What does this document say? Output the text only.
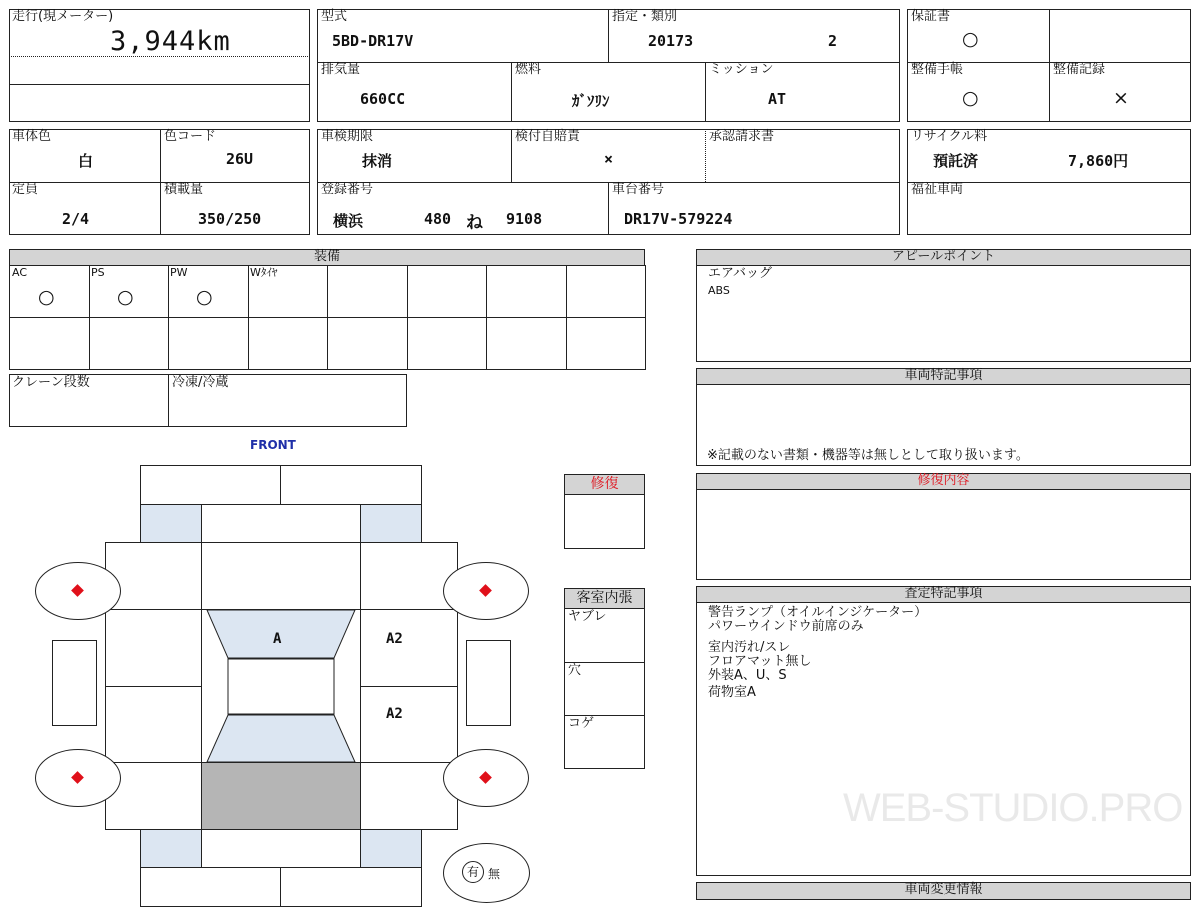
走行(現メーター)
3,944km
型式
5BD-DR17V
指定・類別
20173	2
排気量
660CC
燃料
ｶﾞｿﾘﾝ
ミッション
AT
保証書
○
整備手帳
○
整備記録
×
車体色
白
色コード
26U
定員
2/4
積載量
350/250
車検期限
抹消
検付自賠責
×
承認請求書
登録番号
横浜	480 ね 9108
車台番号
DR17V-579224
リサイクル料
預託済	7,860円
福祉車両
装備
AC
○
PS
○
PW
○
Wﾀｲﾔ
クレーン段数	冷凍/冷蔵
FRONT
A	A2
A2
有 無
修復
客室内張
ヤブレ
穴
コゲ
アピールポイント
エアバッグ
ABS
車両特記事項
※記載のない書類・機器等は無しとして取り扱います。
修復内容
査定特記事項
警告ランプ（オイルインジケーター）
パワーウインドウ前席のみ
室内汚れ/スレ
フロアマット無し
外装A、U、S
荷物室A
WEB-STUDIO.PRO
車両変更情報
